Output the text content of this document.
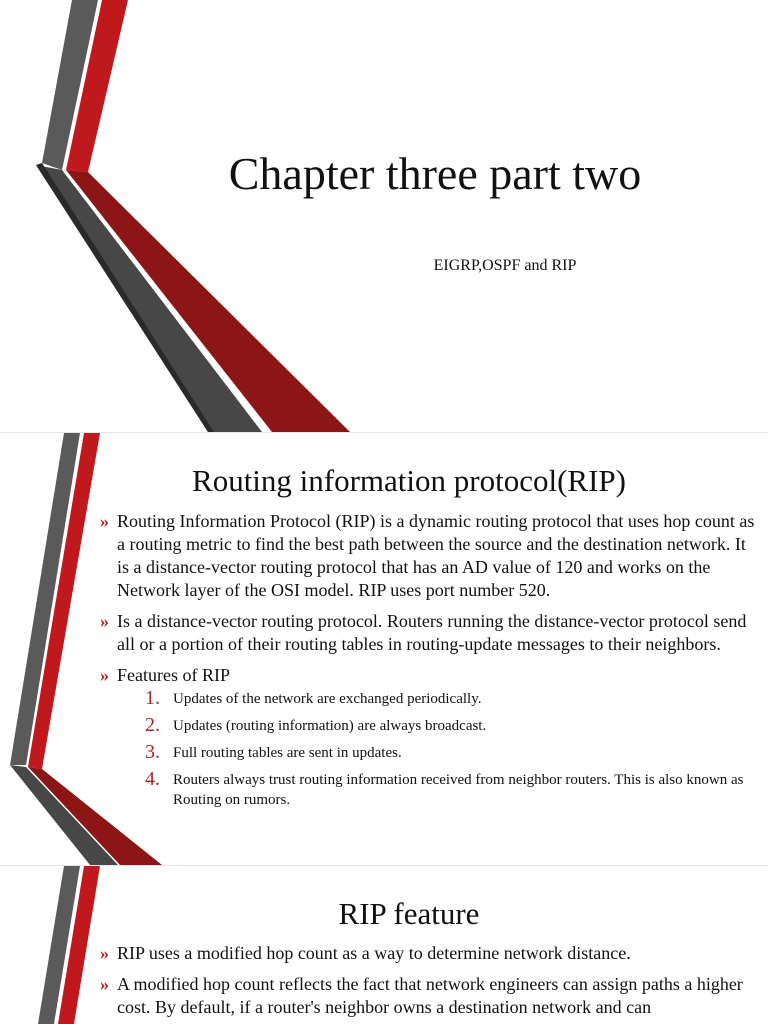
Chapter three part two

EIGRP,OSPF and RIP

Routing information protocol(RIP)
» Routing Information Protocol (RIP) is a dynamic routing protocol that uses hop count as a routing metric to find the best path between the source and the destination network. It is a distance-vector routing protocol that has an AD value of 120 and works on the Network layer of the OSI model. RIP uses port number 520.
» Is a distance-vector routing protocol. Routers running the distance-vector protocol send all or a portion of their routing tables in routing-update messages to their neighbors.
» Features of RIP
1. Updates of the network are exchanged periodically.
2. Updates (routing information) are always broadcast.
3. Full routing tables are sent in updates.
4. Routers always trust routing information received from neighbor routers. This is also known as Routing on rumors.
RIP feature
» RIP uses a modified hop count as a way to determine network distance.
» A modified hop count reflects the fact that network engineers can assign paths a higher cost. By default, if a router's neighbor owns a destination network and can
